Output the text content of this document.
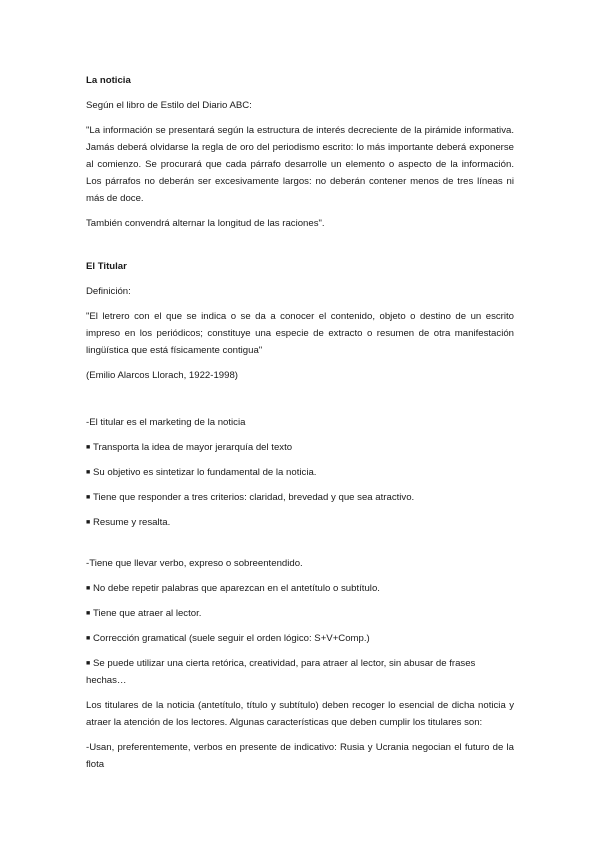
La noticia

Según el libro de Estilo del Diario ABC:

"La información se presentará según la estructura de interés decreciente de la pirámide informativa. Jamás deberá olvidarse la regla de oro del periodismo escrito: lo más importante deberá exponerse al comienzo. Se procurará que cada párrafo desarrolle un elemento o aspecto de la información. Los párrafos no deberán ser excesivamente largos: no deberán contener menos de tres líneas ni más de doce.

También convendrá alternar la longitud de las raciones".

El Titular

Definición:

"El letrero con el que se indica o se da a conocer el contenido, objeto o destino de un escrito impreso en los periódicos; constituye una especie de extracto o resumen de otra manifestación lingüística que está físicamente contigua"

(Emilio Alarcos Llorach, 1922-1998)

-El titular es el marketing de la noticia

■ Transporta la idea de mayor jerarquía del texto

■ Su objetivo es sintetizar lo fundamental de la noticia.

■ Tiene que responder a tres criterios: claridad, brevedad y que sea atractivo.

■ Resume y resalta.

-Tiene que llevar verbo, expreso o sobreentendido.

■ No debe repetir palabras que aparezcan en el antetítulo o subtítulo.

■ Tiene que atraer al lector.

■ Corrección gramatical (suele seguir el orden lógico: S+V+Comp.)

■ Se puede utilizar una cierta retórica, creatividad, para atraer al lector, sin abusar de frases hechas…

Los titulares de la noticia (antetítulo, título y subtítulo) deben recoger lo esencial de dicha noticia y atraer la atención de los lectores. Algunas características que deben cumplir los titulares son:

-Usan, preferentemente, verbos en presente de indicativo: Rusia y Ucrania negocian el futuro de la flota
